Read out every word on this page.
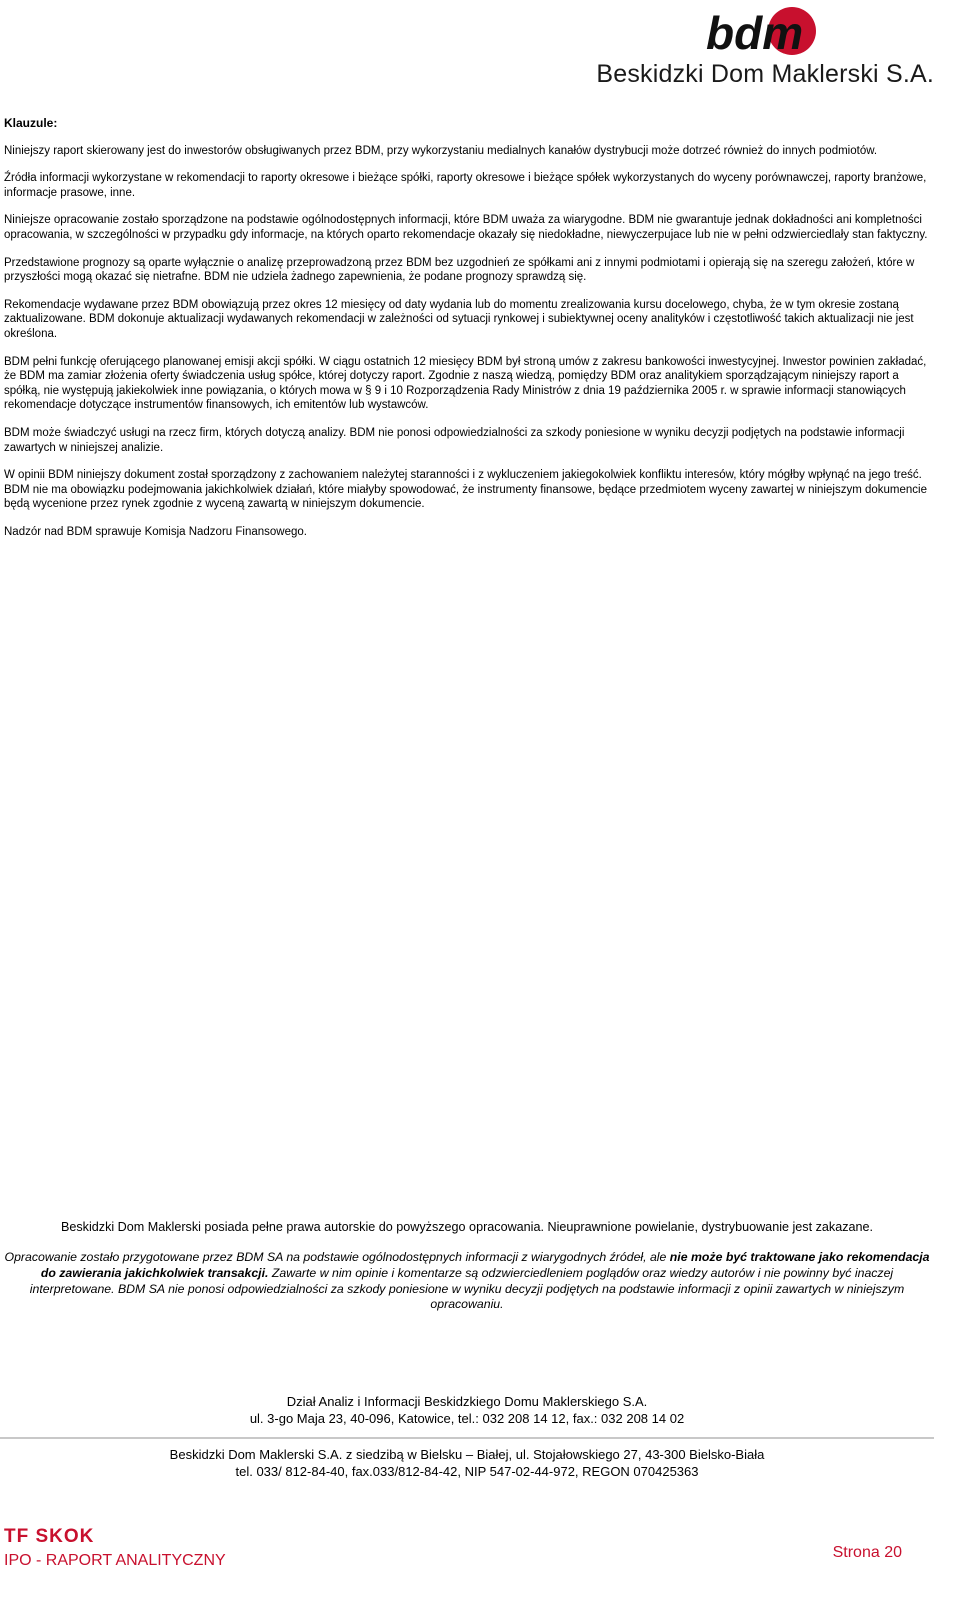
bdm
Beskidzki Dom Maklerski S.A.
Klauzule:

Niniejszy raport skierowany jest do inwestorów obsługiwanych przez BDM, przy wykorzystaniu medialnych kanałów dystrybucji może dotrzeć również do innych podmiotów.

Źródła informacji wykorzystane w rekomendacji to raporty okresowe i bieżące spółki, raporty okresowe i bieżące spółek wykorzystanych do wyceny porównawczej, raporty branżowe, informacje prasowe, inne.

Niniejsze opracowanie zostało sporządzone na podstawie ogólnodostępnych informacji, które BDM uważa za wiarygodne. BDM nie gwarantuje jednak dokładności ani kompletności opracowania, w szczególności w przypadku gdy informacje, na których oparto rekomendacje okazały się niedokładne, niewyczerpujace lub nie w pełni odzwierciedlały stan faktyczny.

Przedstawione prognozy są oparte wyłącznie o analizę przeprowadzoną przez BDM bez uzgodnień ze spółkami ani z innymi podmiotami i opierają się na szeregu założeń, które w przyszłości mogą okazać się nietrafne. BDM nie udziela żadnego zapewnienia, że podane prognozy sprawdzą się.

Rekomendacje wydawane przez BDM obowiązują przez okres 12 miesięcy od daty wydania lub do momentu zrealizowania kursu docelowego, chyba, że w tym okresie zostaną zaktualizowane. BDM dokonuje aktualizacji wydawanych rekomendacji w zależności od sytuacji rynkowej i subiektywnej oceny analityków i częstotliwość takich aktualizacji nie jest określona.

BDM pełni funkcję oferującego planowanej emisji akcji spółki. W ciągu ostatnich 12 miesięcy BDM był stroną umów z zakresu bankowości inwestycyjnej. Inwestor powinien zakładać, że BDM ma zamiar złożenia oferty świadczenia usług spółce, której dotyczy raport. Zgodnie z naszą wiedzą, pomiędzy BDM oraz analitykiem sporządzającym niniejszy raport a spółką, nie występują jakiekolwiek inne powiązania, o których mowa w § 9 i 10 Rozporządzenia Rady Ministrów z dnia 19 października 2005 r. w sprawie informacji stanowiących rekomendacje dotyczące instrumentów finansowych, ich emitentów lub wystawców.

BDM może świadczyć usługi na rzecz firm, których dotyczą analizy. BDM nie ponosi odpowiedzialności za szkody poniesione w wyniku decyzji podjętych na podstawie informacji zawartych w niniejszej analizie.

W opinii BDM niniejszy dokument został sporządzony z zachowaniem należytej staranności i z wykluczeniem jakiegokolwiek konfliktu interesów, który mógłby wpłynąć na jego treść. BDM nie ma obowiązku podejmowania jakichkolwiek działań, które miałyby spowodować, że instrumenty finansowe, będące przedmiotem wyceny zawartej w niniejszym dokumencie będą wycenione przez rynek zgodnie z wyceną zawartą w niniejszym dokumencie.

Nadzór nad BDM sprawuje Komisja Nadzoru Finansowego.

Beskidzki Dom Maklerski posiada pełne prawa autorskie do powyższego opracowania. Nieuprawnione powielanie, dystrybuowanie jest zakazane.
Opracowanie zostało przygotowane przez BDM SA na podstawie ogólnodostępnych informacji z wiarygodnych źródeł, ale nie może być traktowane jako rekomendacja do zawierania jakichkolwiek transakcji. Zawarte w nim opinie i komentarze są odzwierciedleniem poglądów oraz wiedzy autorów i nie powinny być inaczej interpretowane. BDM SA nie ponosi odpowiedzialności za szkody poniesione w wyniku decyzji podjętych na podstawie informacji z opinii zawartych w niniejszym opracowaniu.
Dział Analiz i Informacji Beskidzkiego Domu Maklerskiego S.A.
ul. 3-go Maja 23, 40-096, Katowice, tel.: 032 208 14 12, fax.: 032 208 14 02
Beskidzki Dom Maklerski S.A. z siedzibą w Bielsku – Białej, ul. Stojałowskiego 27, 43-300 Bielsko-Biała
tel. 033/ 812-84-40, fax.033/812-84-42, NIP 547-02-44-972, REGON 070425363
TF SKOK
IPO - RAPORT ANALITYCZNY	Strona 20
